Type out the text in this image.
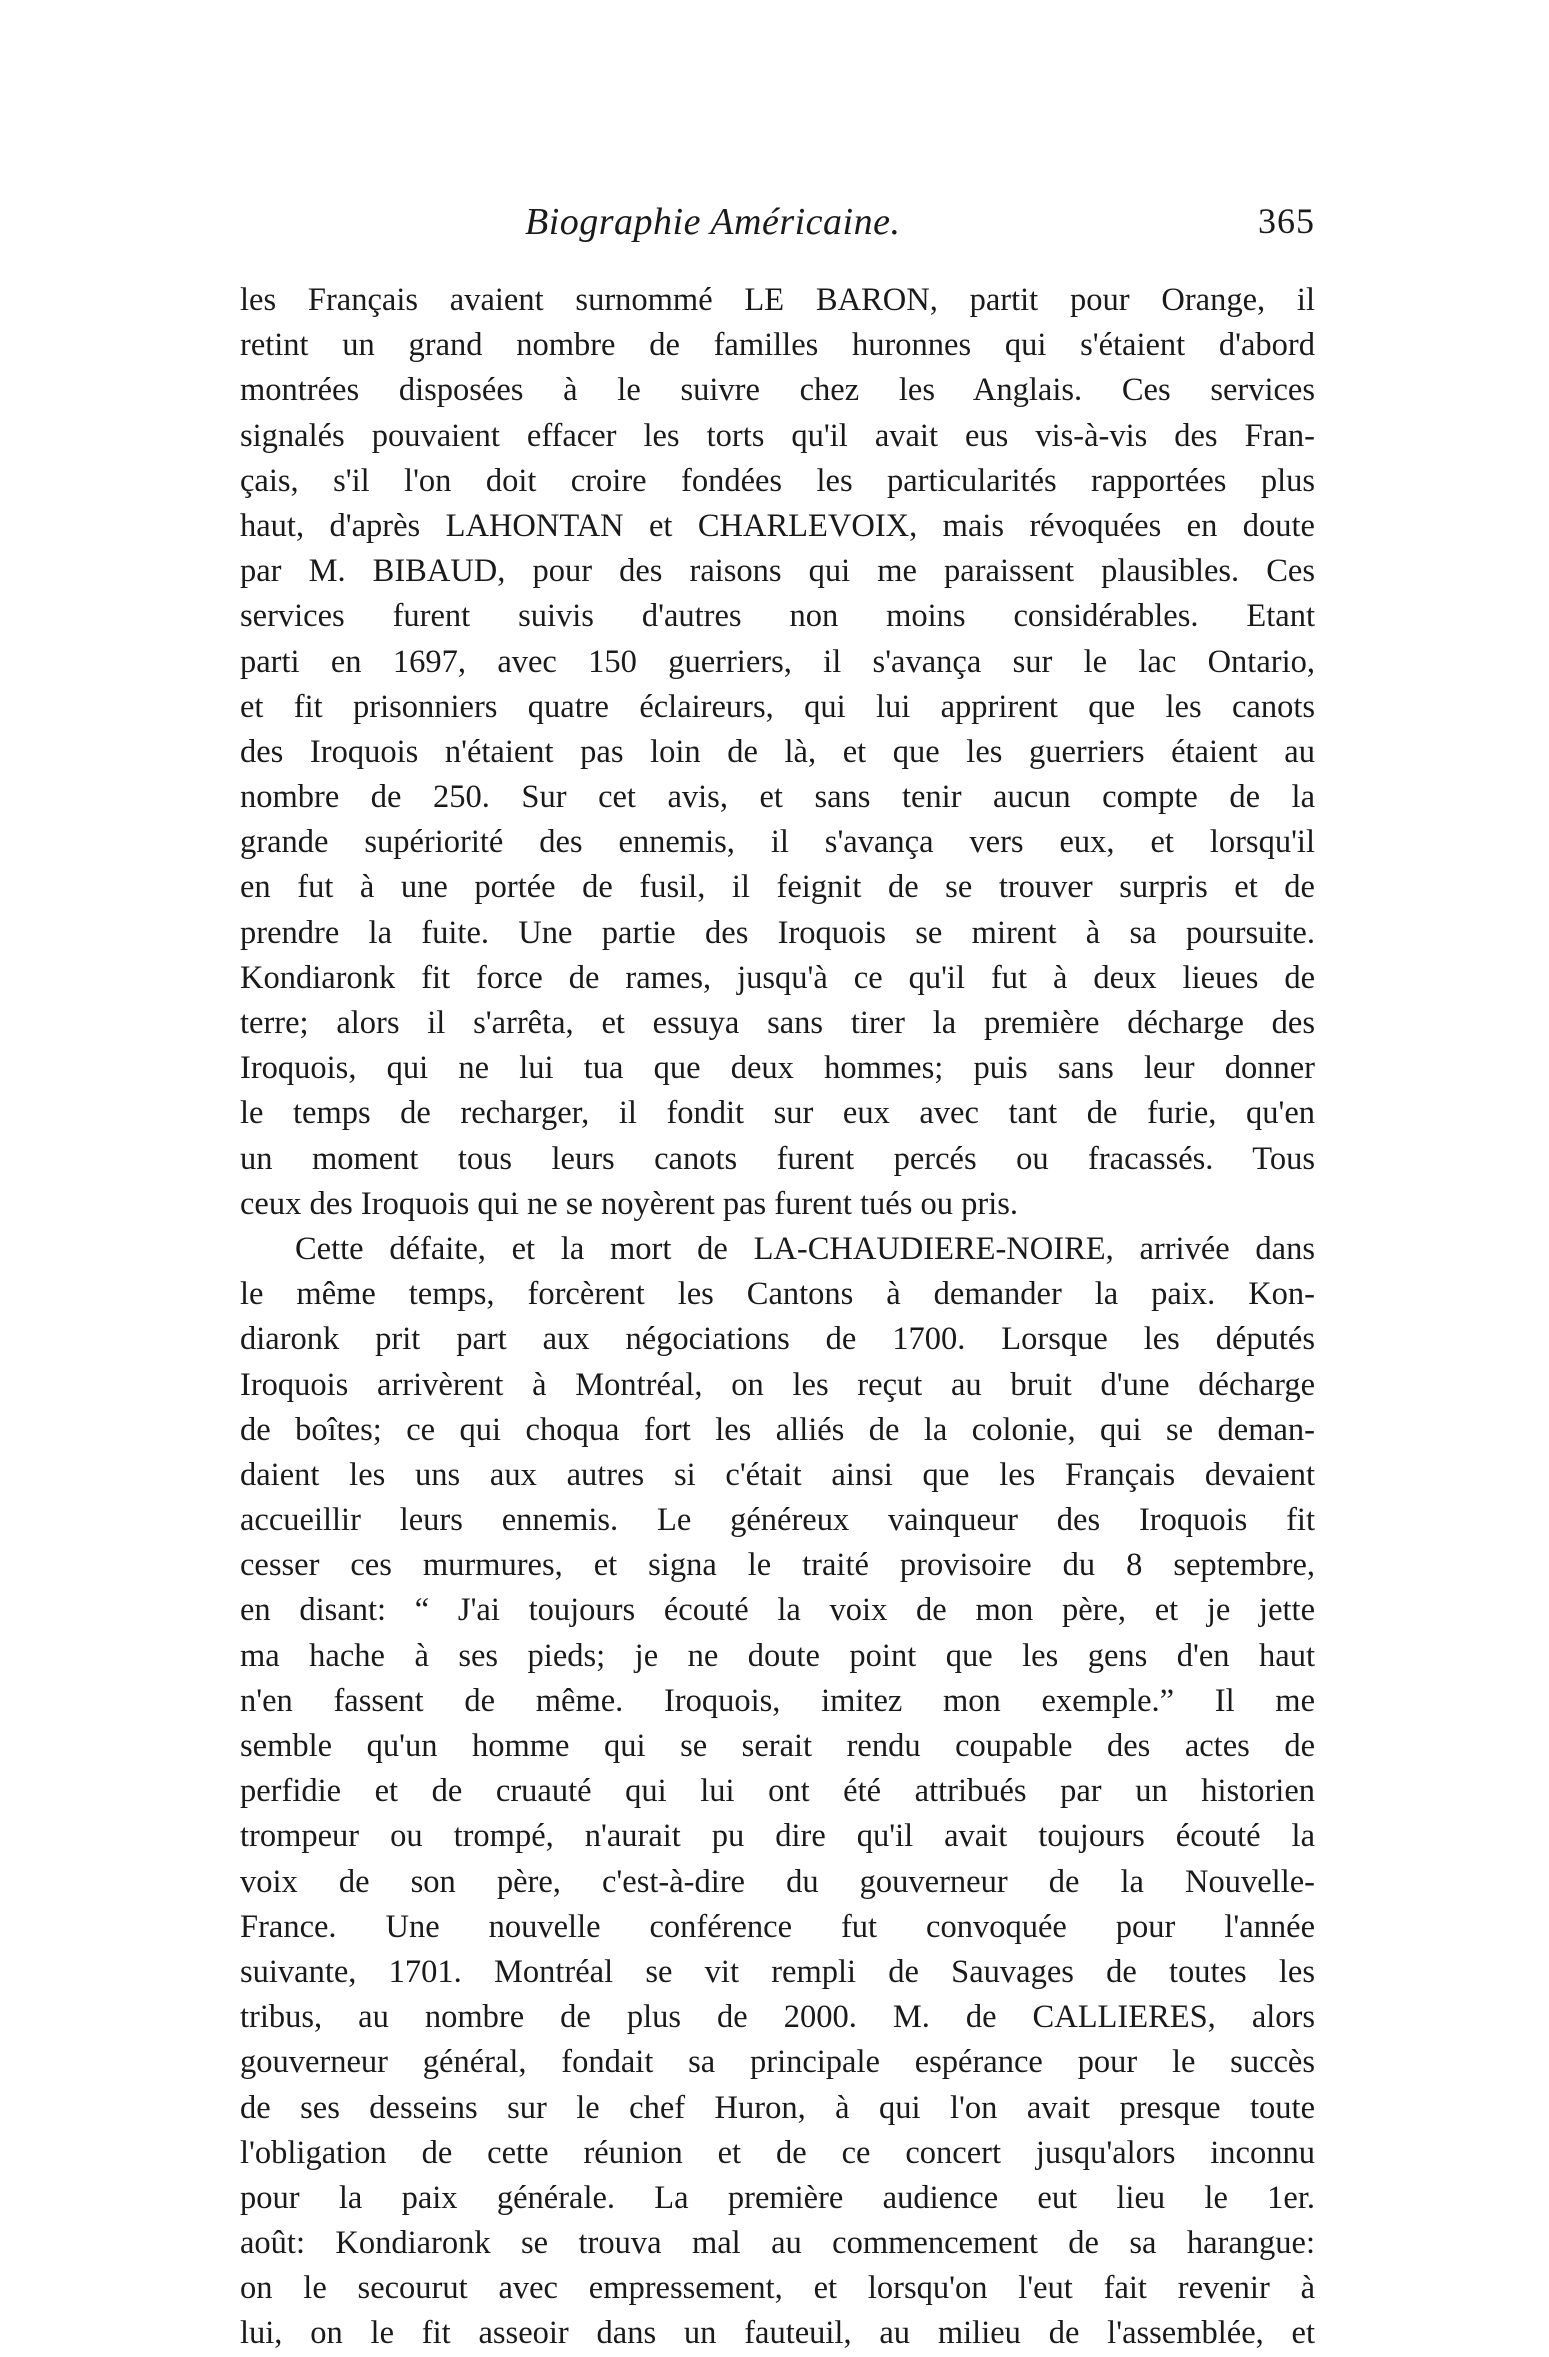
Biographie Américaine.	365
les Français avaient surnommé LE BARON, partit pour Orange, il
retint un grand nombre de familles huronnes qui s'étaient d'abord
montrées disposées à le suivre chez les Anglais. Ces services
signalés pouvaient effacer les torts qu'il avait eus vis-à-vis des Fran-
çais, s'il l'on doit croire fondées les particularités rapportées plus
haut, d'après LAHONTAN et CHARLEVOIX, mais révoquées en doute
par M. BIBAUD, pour des raisons qui me paraissent plausibles. Ces
services furent suivis d'autres non moins considérables. Etant
parti en 1697, avec 150 guerriers, il s'avança sur le lac Ontario,
et fit prisonniers quatre éclaireurs, qui lui apprirent que les canots
des Iroquois n'étaient pas loin de là, et que les guerriers étaient au
nombre de 250. Sur cet avis, et sans tenir aucun compte de la
grande supériorité des ennemis, il s'avança vers eux, et lorsqu'il
en fut à une portée de fusil, il feignit de se trouver surpris et de
prendre la fuite. Une partie des Iroquois se mirent à sa poursuite.
Kondiaronk fit force de rames, jusqu'à ce qu'il fut à deux lieues de
terre; alors il s'arrêta, et essuya sans tirer la première décharge des
Iroquois, qui ne lui tua que deux hommes; puis sans leur donner
le temps de recharger, il fondit sur eux avec tant de furie, qu'en
un moment tous leurs canots furent percés ou fracassés. Tous
ceux des Iroquois qui ne se noyèrent pas furent tués ou pris.
Cette défaite, et la mort de LA-CHAUDIERE-NOIRE, arrivée dans
le même temps, forcèrent les Cantons à demander la paix. Kon-
diaronk prit part aux négociations de 1700. Lorsque les députés
Iroquois arrivèrent à Montréal, on les reçut au bruit d'une décharge
de boîtes; ce qui choqua fort les alliés de la colonie, qui se deman-
daient les uns aux autres si c'était ainsi que les Français devaient
accueillir leurs ennemis. Le généreux vainqueur des Iroquois fit
cesser ces murmures, et signa le traité provisoire du 8 septembre,
en disant: “ J'ai toujours écouté la voix de mon père, et je jette
ma hache à ses pieds; je ne doute point que les gens d'en haut
n'en fassent de même. Iroquois, imitez mon exemple.” Il me
semble qu'un homme qui se serait rendu coupable des actes de
perfidie et de cruauté qui lui ont été attribués par un historien
trompeur ou trompé, n'aurait pu dire qu'il avait toujours écouté la
voix de son père, c'est-à-dire du gouverneur de la Nouvelle-
France. Une nouvelle conférence fut convoquée pour l'année
suivante, 1701. Montréal se vit rempli de Sauvages de toutes les
tribus, au nombre de plus de 2000. M. de CALLIERES, alors
gouverneur général, fondait sa principale espérance pour le succès
de ses desseins sur le chef Huron, à qui l'on avait presque toute
l'obligation de cette réunion et de ce concert jusqu'alors inconnu
pour la paix générale. La première audience eut lieu le 1er.
août: Kondiaronk se trouva mal au commencement de sa harangue:
on le secourut avec empressement, et lorsqu'on l'eut fait revenir à
lui, on le fit asseoir dans un fauteuil, au milieu de l'assemblée, et
